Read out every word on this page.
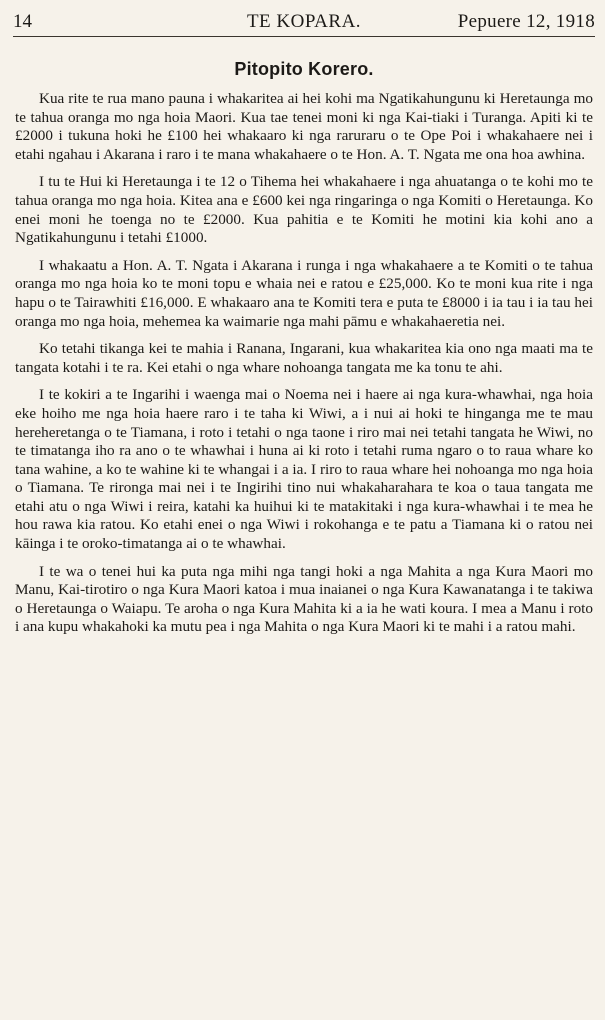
14	TE KOPARA.	Pepuere 12, 1918
Pitopito Korero.

Kua rite te rua mano pauna i whakaritea ai hei kohi ma Ngatikahungunu ki Heretaunga mo te tahua oranga mo nga hoia Maori. Kua tae tenei moni ki nga Kai-tiaki i Turanga. Apiti ki te £2000 i tukuna hoki he £100 hei whakaaro ki nga raruraru o te Ope Poi i whakahaere nei i etahi ngahau i Akarana i raro i te mana whakahaere o te Hon. A. T. Ngata me ona hoa awhina.

I tu te Hui ki Heretaunga i te 12 o Tihema hei whakahaere i nga ahuatanga o te kohi mo te tahua oranga mo nga hoia. Kitea ana e £600 kei nga ringaringa o nga Komiti o Heretaunga. Ko enei moni he toenga no te £2000. Kua pahitia e te Komiti he motini kia kohi ano a Ngatikahungunu i tetahi £1000.

I whakaatu a Hon. A. T. Ngata i Akarana i runga i nga whakahaere a te Komiti o te tahua oranga mo nga hoia ko te moni topu e whaia nei e ratou e £25,000. Ko te moni kua rite i nga hapu o te Tairawhiti £16,000. E whakaaro ana te Komiti tera e puta te £8000 i ia tau i ia tau hei oranga mo nga hoia, mehemea ka waimarie nga mahi pāmu e whakahaeretia nei.

Ko tetahi tikanga kei te mahia i Ranana, Ingarani, kua whakaritea kia ono nga maati ma te tangata kotahi i te ra. Kei etahi o nga whare nohoanga tangata me ka tonu te ahi.

I te kokiri a te Ingarihi i waenga mai o Noema nei i haere ai nga kura-whawhai, nga hoia eke hoiho me nga hoia haere raro i te taha ki Wiwi, a i nui ai hoki te hinganga me te mau hereheretanga o te Tiamana, i roto i tetahi o nga taone i riro mai nei tetahi tangata he Wiwi, no te timatanga iho ra ano o te whawhai i huna ai ki roto i tetahi ruma ngaro o to raua whare ko tana wahine, a ko te wahine ki te whangai i a ia. I riro to raua whare hei nohoanga mo nga hoia o Tiamana. Te rironga mai nei i te Ingirihi tino nui whakaharahara te koa o taua tangata me etahi atu o nga Wiwi i reira, katahi ka huihui ki te matakitaki i nga kura-whawhai i te mea he hou rawa kia ratou. Ko etahi enei o nga Wiwi i rokohanga e te patu a Tiamana ki o ratou nei kāinga i te oroko-timatanga ai o te whawhai.

I te wa o tenei hui ka puta nga mihi nga tangi hoki a nga Mahita a nga Kura Maori mo Manu, Kai-tirotiro o nga Kura Maori katoa i mua inaianei o nga Kura Kawanatanga i te takiwa o Heretaunga o Waiapu. Te aroha o nga Kura Mahita ki a ia he wati koura. I mea a Manu i roto i ana kupu whakahoki ka mutu pea i nga Mahita o nga Kura Maori ki te mahi i a ratou mahi.
